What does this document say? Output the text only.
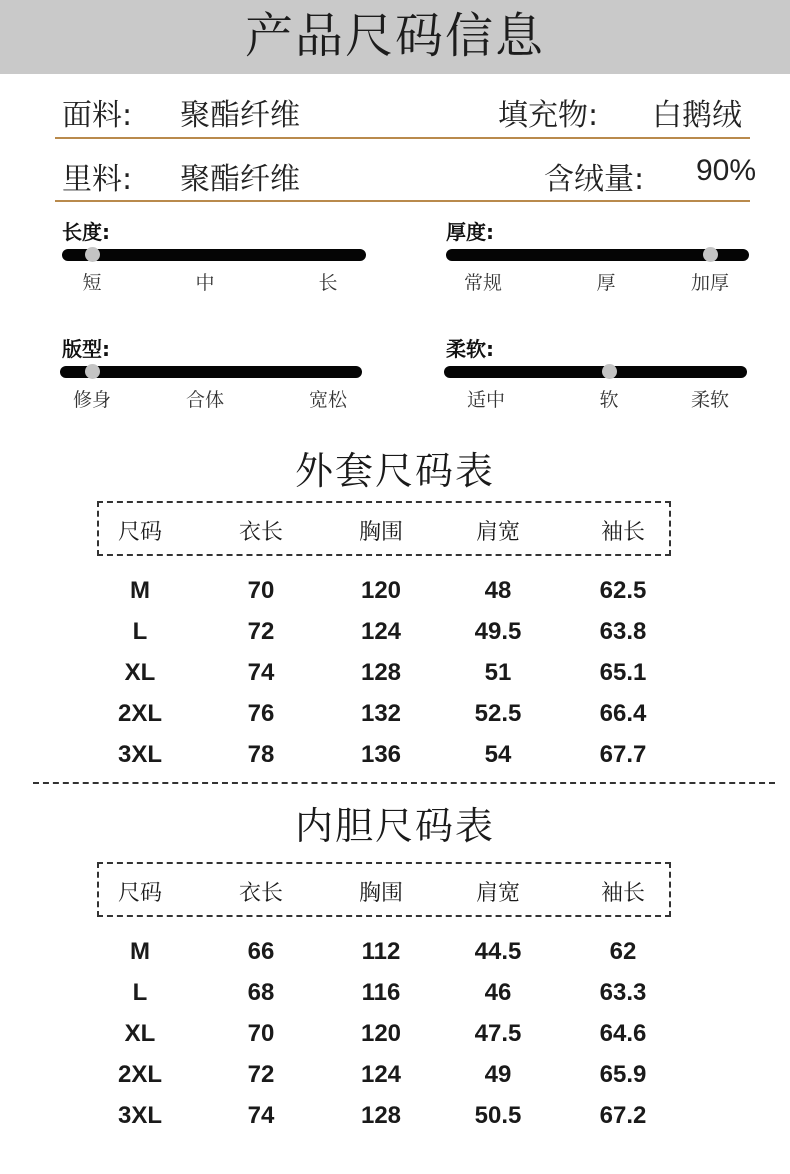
产品尺码信息
面料: 聚酯纤维	填充物: 白鹅绒
里料: 聚酯纤维	含绒量: 90%
长度:
短	中	长
厚度:
常规	厚	加厚
版型:
修身	合体	宽松
柔软:
适中	软	柔软
外套尺码表
尺码	衣长	胸围	肩宽	袖长
M	70	120	48	62.5
L	72	124	49.5	63.8
XL	74	128	51	65.1
2XL	76	132	52.5	66.4
3XL	78	136	54	67.7
内胆尺码表
尺码	衣长	胸围	肩宽	袖长
M	66	112	44.5	62
L	68	116	46	63.3
XL	70	120	47.5	64.6
2XL	72	124	49	65.9
3XL	74	128	50.5	67.2
